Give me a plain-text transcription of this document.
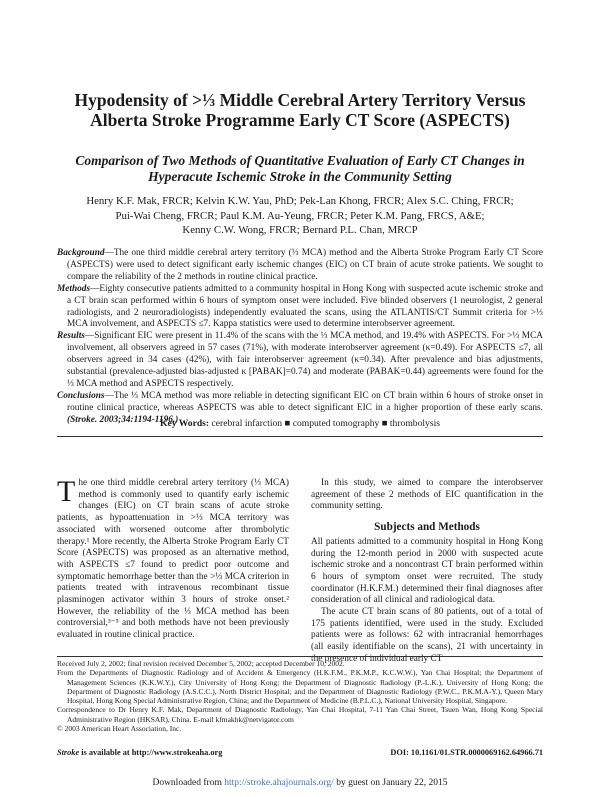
Hypodensity of >⅓ Middle Cerebral Artery Territory Versus Alberta Stroke Programme Early CT Score (ASPECTS)
Comparison of Two Methods of Quantitative Evaluation of Early CT Changes in Hyperacute Ischemic Stroke in the Community Setting
Henry K.F. Mak, FRCR; Kelvin K.W. Yau, PhD; Pek-Lan Khong, FRCR; Alex S.C. Ching, FRCR;
Pui-Wai Cheng, FRCR; Paul K.M. Au-Yeung, FRCR; Peter K.M. Pang, FRCS, A&E;
Kenny C.W. Wong, FRCR; Bernard P.L. Chan, MRCP

Background—The one third middle cerebral artery territory (⅓ MCA) method and the Alberta Stroke Program Early CT Score (ASPECTS) were used to detect significant early ischemic changes (EIC) on CT brain of acute stroke patients. We sought to compare the reliability of the 2 methods in routine clinical practice.

Methods—Eighty consecutive patients admitted to a community hospital in Hong Kong with suspected acute ischemic stroke and a CT brain scan performed within 6 hours of symptom onset were included. Five blinded observers (1 neurologist, 2 general radiologists, and 2 neuroradiologists) independently evaluated the scans, using the ATLANTIS/CT Summit criteria for >⅓ MCA involvement, and ASPECTS ≤7. Kappa statistics were used to determine interobserver agreement.

Results—Significant EIC were present in 11.4% of the scans with the ⅓ MCA method, and 19.4% with ASPECTS. For >⅓ MCA involvement, all observers agreed in 57 cases (71%), with moderate interobserver agreement (κ=0.49). For ASPECTS ≤7, all observers agreed in 34 cases (42%), with fair interobserver agreement (κ=0.34). After prevalence and bias adjustments, substantial (prevalence-adjusted bias-adjusted κ [PABAK]=0.74) and moderate (PABAK=0.44) agreements were found for the ⅓ MCA method and ASPECTS respectively.

Conclusions—The ⅓ MCA method was more reliable in detecting significant EIC on CT brain within 6 hours of stroke onset in routine clinical practice, whereas ASPECTS was able to detect significant EIC in a higher proportion of these early scans. (Stroke. 2003;34:1194-1196.)

Key Words: cerebral infarction ■ computed tomography ■ thrombolysis

The one third middle cerebral artery territory (⅓ MCA) method is commonly used to quantify early ischemic changes (EIC) on CT brain scans of acute stroke patients, as hypoattenuation in >⅓ MCA territory was associated with worsened outcome after thrombolytic therapy.¹ More recently, the Alberta Stroke Program Early CT Score (ASPECTS) was proposed as an alternative method, with ASPECTS ≤7 found to predict poor outcome and symptomatic hemorrhage better than the >⅓ MCA criterion in patients treated with intravenous recombinant tissue plasminogen activator within 3 hours of stroke onset.² However, the reliability of the ⅓ MCA method has been controversial,³⁻⁵ and both methods have not been previously evaluated in routine clinical practice.

In this study, we aimed to compare the interobserver agreement of these 2 methods of EIC quantification in the community setting.

Subjects and Methods

All patients admitted to a community hospital in Hong Kong during the 12-month period in 2000 with suspected acute ischemic stroke and a noncontrast CT brain performed within 6 hours of symptom onset were recruited. The study coordinator (H.K.F.M.) determined their final diagnoses after consideration of all clinical and radiological data.

The acute CT brain scans of 80 patients, out of a total of 175 patients identified, were used in the study. Excluded patients were as follows: 62 with intracranial hemorrhages (all easily identifiable on the scans), 21 with uncertainty in the presence of individual early CT

Received July 2, 2002; final revision received December 5, 2002; accepted December 10, 2002.

From the Departments of Diagnostic Radiology and of Accident & Emergency (H.K.F.M., P.K.M.P., K.C.W.W.), Yan Chai Hospital; the Department of Management Sciences (K.K.W.Y.), City University of Hong Kong; the Department of Diagnostic Radiology (P.-L.K.), University of Hong Kong; the Department of Diagnostic Radiology (A.S.C.C.), North District Hospital; and the Department of Diagnostic Radiology (P.W.C., P.K.M.A-Y.), Queen Mary Hospital, Hong Kong Special Administrative Region, China; and the Department of Medicine (B.P.L.C.), National University Hospital, Singapore.

Correspondence to Dr Henry K.F. Mak, Department of Diagnostic Radiology, Yan Chai Hospital, 7-11 Yan Chai Street, Tsuen Wan, Hong Kong Special Administrative Region (HKSAR), China. E-mail kfmakhk@netvigator.com

© 2003 American Heart Association, Inc.

Stroke is available at http://www.strokeaha.org	DOI: 10.1161/01.STR.0000069162.64966.71
Downloaded from http://stroke.ahajournals.org/ by guest on January 22, 2015
